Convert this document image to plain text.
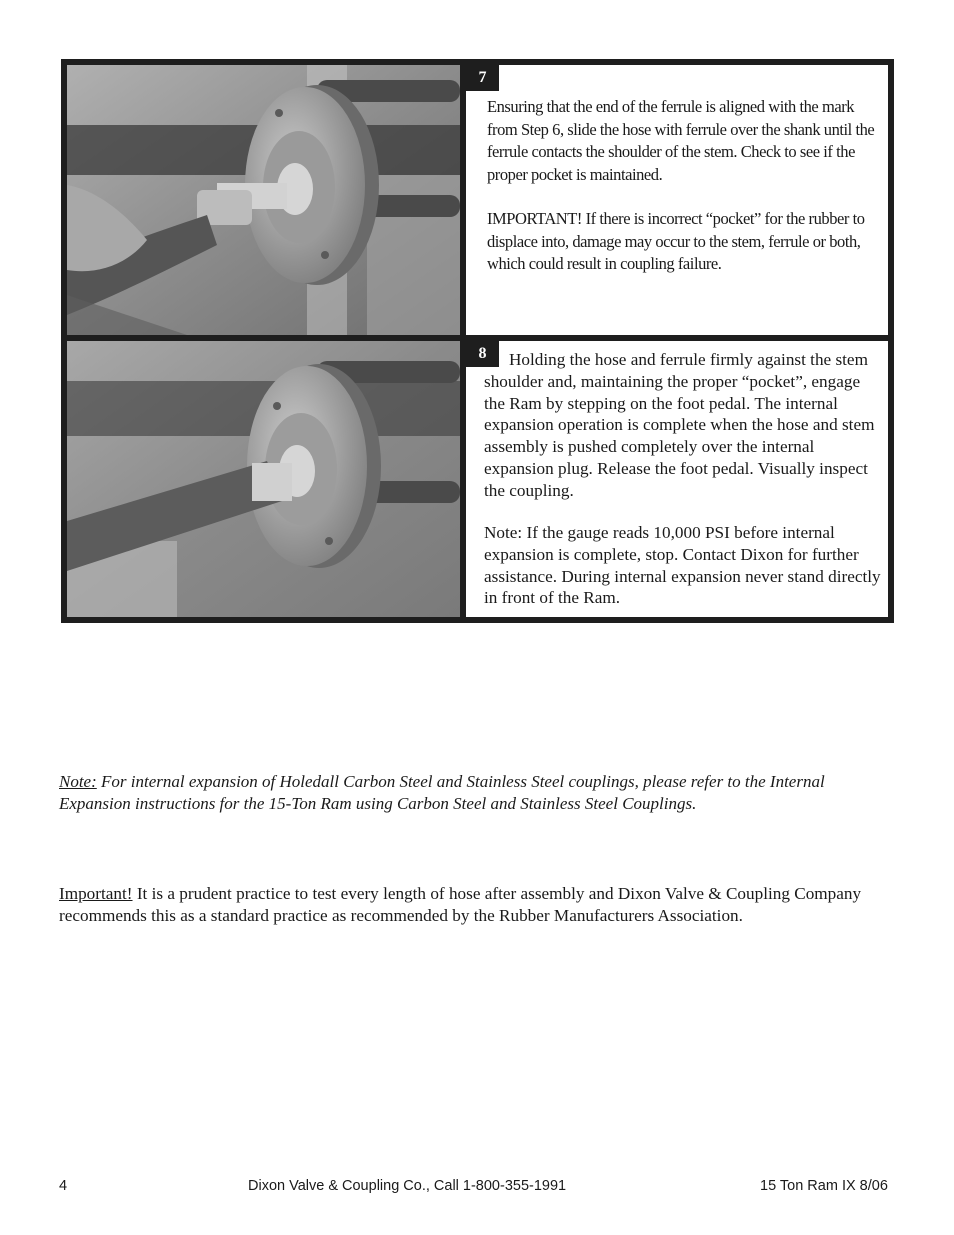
7
Ensuring that the end of the ferrule is aligned with the mark from Step 6, slide the hose with ferrule over the shank until the ferrule contacts the shoulder of the stem. Check to see if the proper pocket is maintained.
IMPORTANT! If there is incorrect “pocket” for the rubber to displace into, damage may occur to the stem, ferrule or both, which could result in coupling failure.
8	Holding the hose and ferrule firmly against the stem shoulder and, maintaining the proper “pocket”, engage the Ram by stepping on the foot pedal. The internal expansion operation is complete when the hose and stem assembly is pushed completely over the internal expansion plug. Release the foot pedal. Visually inspect the coupling.
Note: If the gauge reads 10,000 PSI before internal expansion is complete, stop. Contact Dixon for further assistance. During internal expansion never stand directly in front of the Ram.
Note: For internal expansion of Holedall Carbon Steel and Stainless Steel couplings, please refer to the Internal Expansion instructions for the 15-Ton Ram using Carbon Steel and Stainless Steel Couplings.
Important! It is a prudent practice to test every length of hose after assembly and Dixon Valve & Coupling Company recommends this as a standard practice as recommended by the Rubber Manufacturers Association.
4	Dixon Valve & Coupling Co., Call 1-800-355-1991	15 Ton Ram IX 8/06
